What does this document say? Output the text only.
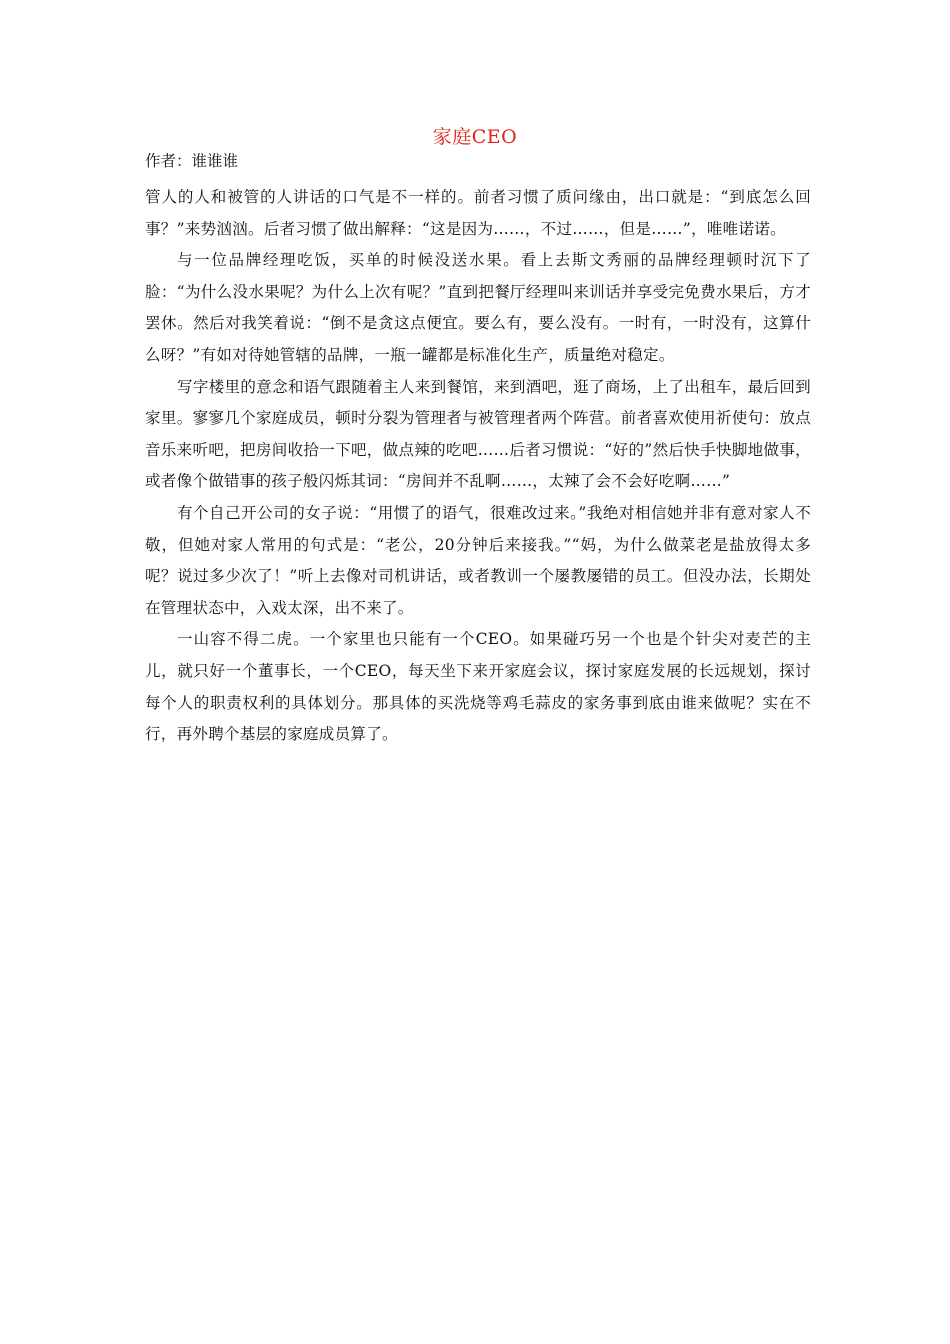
家庭CEO
作者：谁谁谁

管人的人和被管的人讲话的口气是不一样的。前者习惯了质问缘由，出口就是：“到底怎么回事？”来势汹汹。后者习惯了做出解释：“这是因为……，不过……，但是……”，唯唯诺诺。

与一位品牌经理吃饭，买单的时候没送水果。看上去斯文秀丽的品牌经理顿时沉下了脸：“为什么没水果呢？为什么上次有呢？”直到把餐厅经理叫来训话并享受完免费水果后，方才罢休。然后对我笑着说：“倒不是贪这点便宜。要么有，要么没有。一时有，一时没有，这算什么呀？”有如对待她管辖的品牌，一瓶一罐都是标准化生产，质量绝对稳定。

写字楼里的意念和语气跟随着主人来到餐馆，来到酒吧，逛了商场，上了出租车，最后回到家里。寥寥几个家庭成员，顿时分裂为管理者与被管理者两个阵营。前者喜欢使用祈使句：放点音乐来听吧，把房间收拾一下吧，做点辣的吃吧……后者习惯说：“好的”然后快手快脚地做事，或者像个做错事的孩子般闪烁其词：“房间并不乱啊……，太辣了会不会好吃啊……”

有个自己开公司的女子说：“用惯了的语气，很难改过来。”我绝对相信她并非有意对家人不敬，但她对家人常用的句式是：“老公，20分钟后来接我。”“妈，为什么做菜老是盐放得太多呢？说过多少次了！”听上去像对司机讲话，或者教训一个屡教屡错的员工。但没办法，长期处在管理状态中，入戏太深，出不来了。

一山容不得二虎。一个家里也只能有一个CEO。如果碰巧另一个也是个针尖对麦芒的主儿，就只好一个董事长，一个CEO，每天坐下来开家庭会议，探讨家庭发展的长远规划，探讨每个人的职责权利的具体划分。那具体的买洗烧等鸡毛蒜皮的家务事到底由谁来做呢？实在不行，再外聘个基层的家庭成员算了。
